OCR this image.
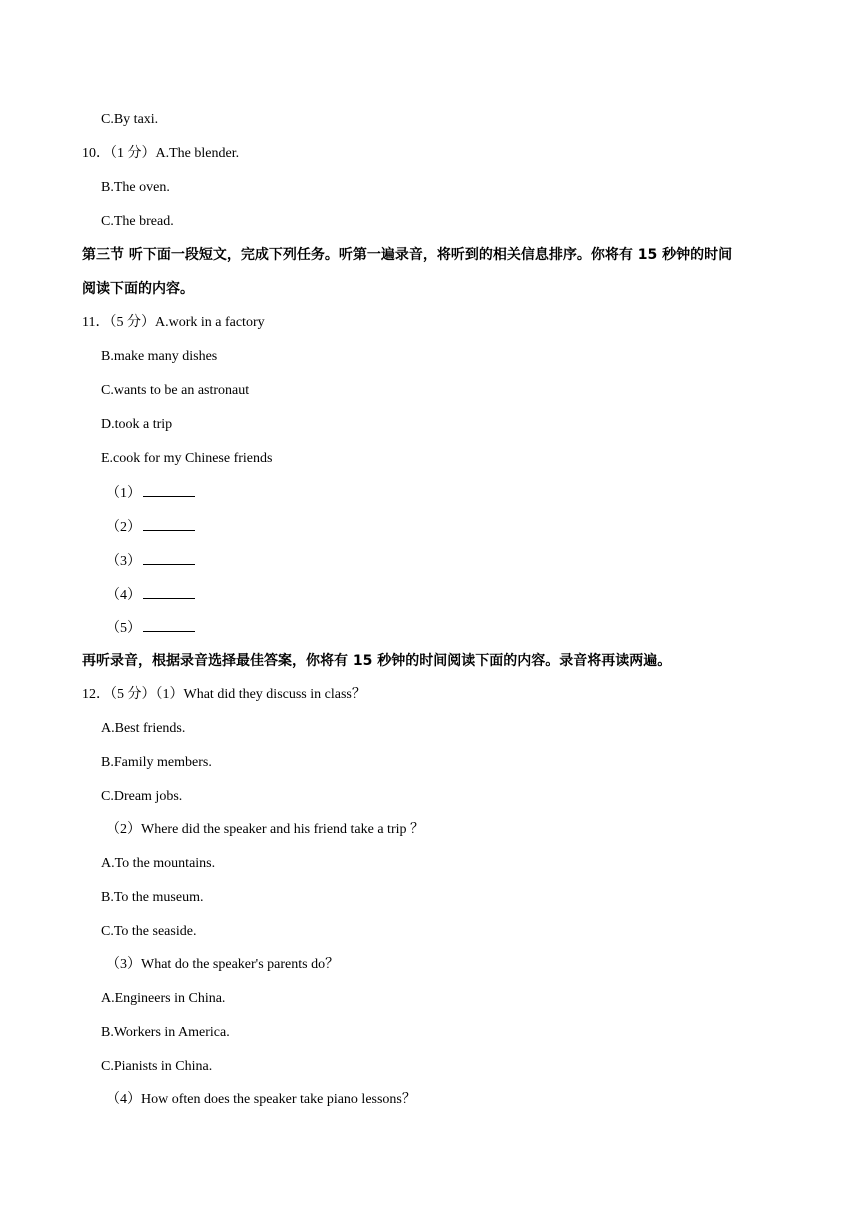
C.By taxi.
10．（1 分）A.The blender.
B.The oven.
C.The bread.
第三节 听下面一段短文，完成下列任务。听第一遍录音，将听到的相关信息排序。你将有 15 秒钟的时间
阅读下面的内容。
11．（5 分）A.work in a factory
B.make many dishes
C.wants to be an astronaut
D.took a trip
E.cook for my Chinese friends
（1）
（2）
（3）
（4）
（5）
再听录音，根据录音选择最佳答案，你将有 15 秒钟的时间阅读下面的内容。录音将再读两遍。
12．（5 分）（1）What did they discuss in class？
A.Best friends.
B.Family members.
C.Dream jobs.
（2）Where did the speaker and his friend take a trip ？
A.To the mountains.
B.To the museum.
C.To the seaside.
（3）What do the speaker's parents do？
A.Engineers in China.
B.Workers in America.
C.Pianists in China.
（4）How often does the speaker take piano lessons？
